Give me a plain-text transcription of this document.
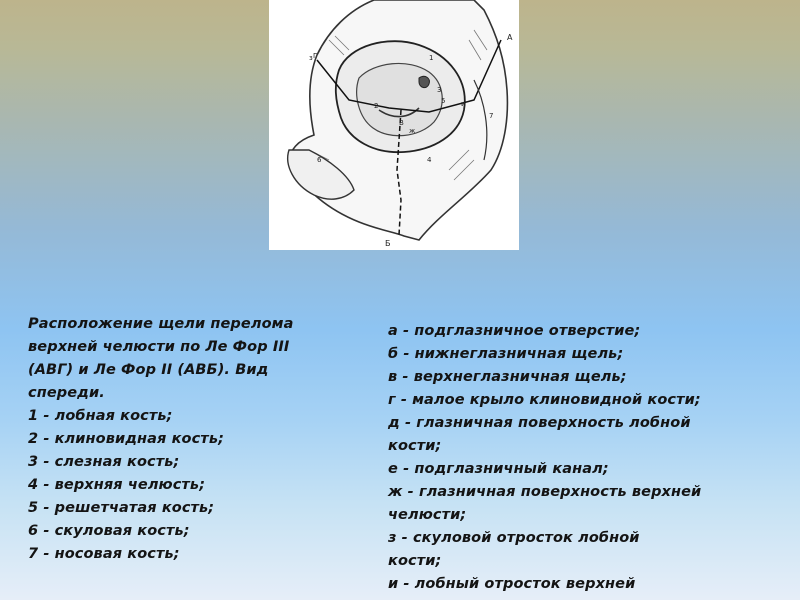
А
В
Б
Г	1
2
3
4
5
6
7
ж
з
и
Расположение щели перелома
верхней челюсти по Ле Фор III
(АВГ) и Ле Фор II (АВБ). Вид
спереди.
1 - лобная кость;
2 - клиновидная кость;
3 - слезная кость;
4 - верхняя челюсть;
5 - решетчатая кость;
6 - скуловая кость;
7 - носовая кость;
а - подглазничное отверстие;
б - нижнеглазничная щель;
в - верхнеглазничная щель;
г - малое крыло клиновидной кости;
д - глазничная поверхность лобной
кости;
е - подглазничный канал;
ж - глазничная поверхность верхней
челюсти;
з - скуловой отросток лобной
кости;
и - лобный отросток верхней
